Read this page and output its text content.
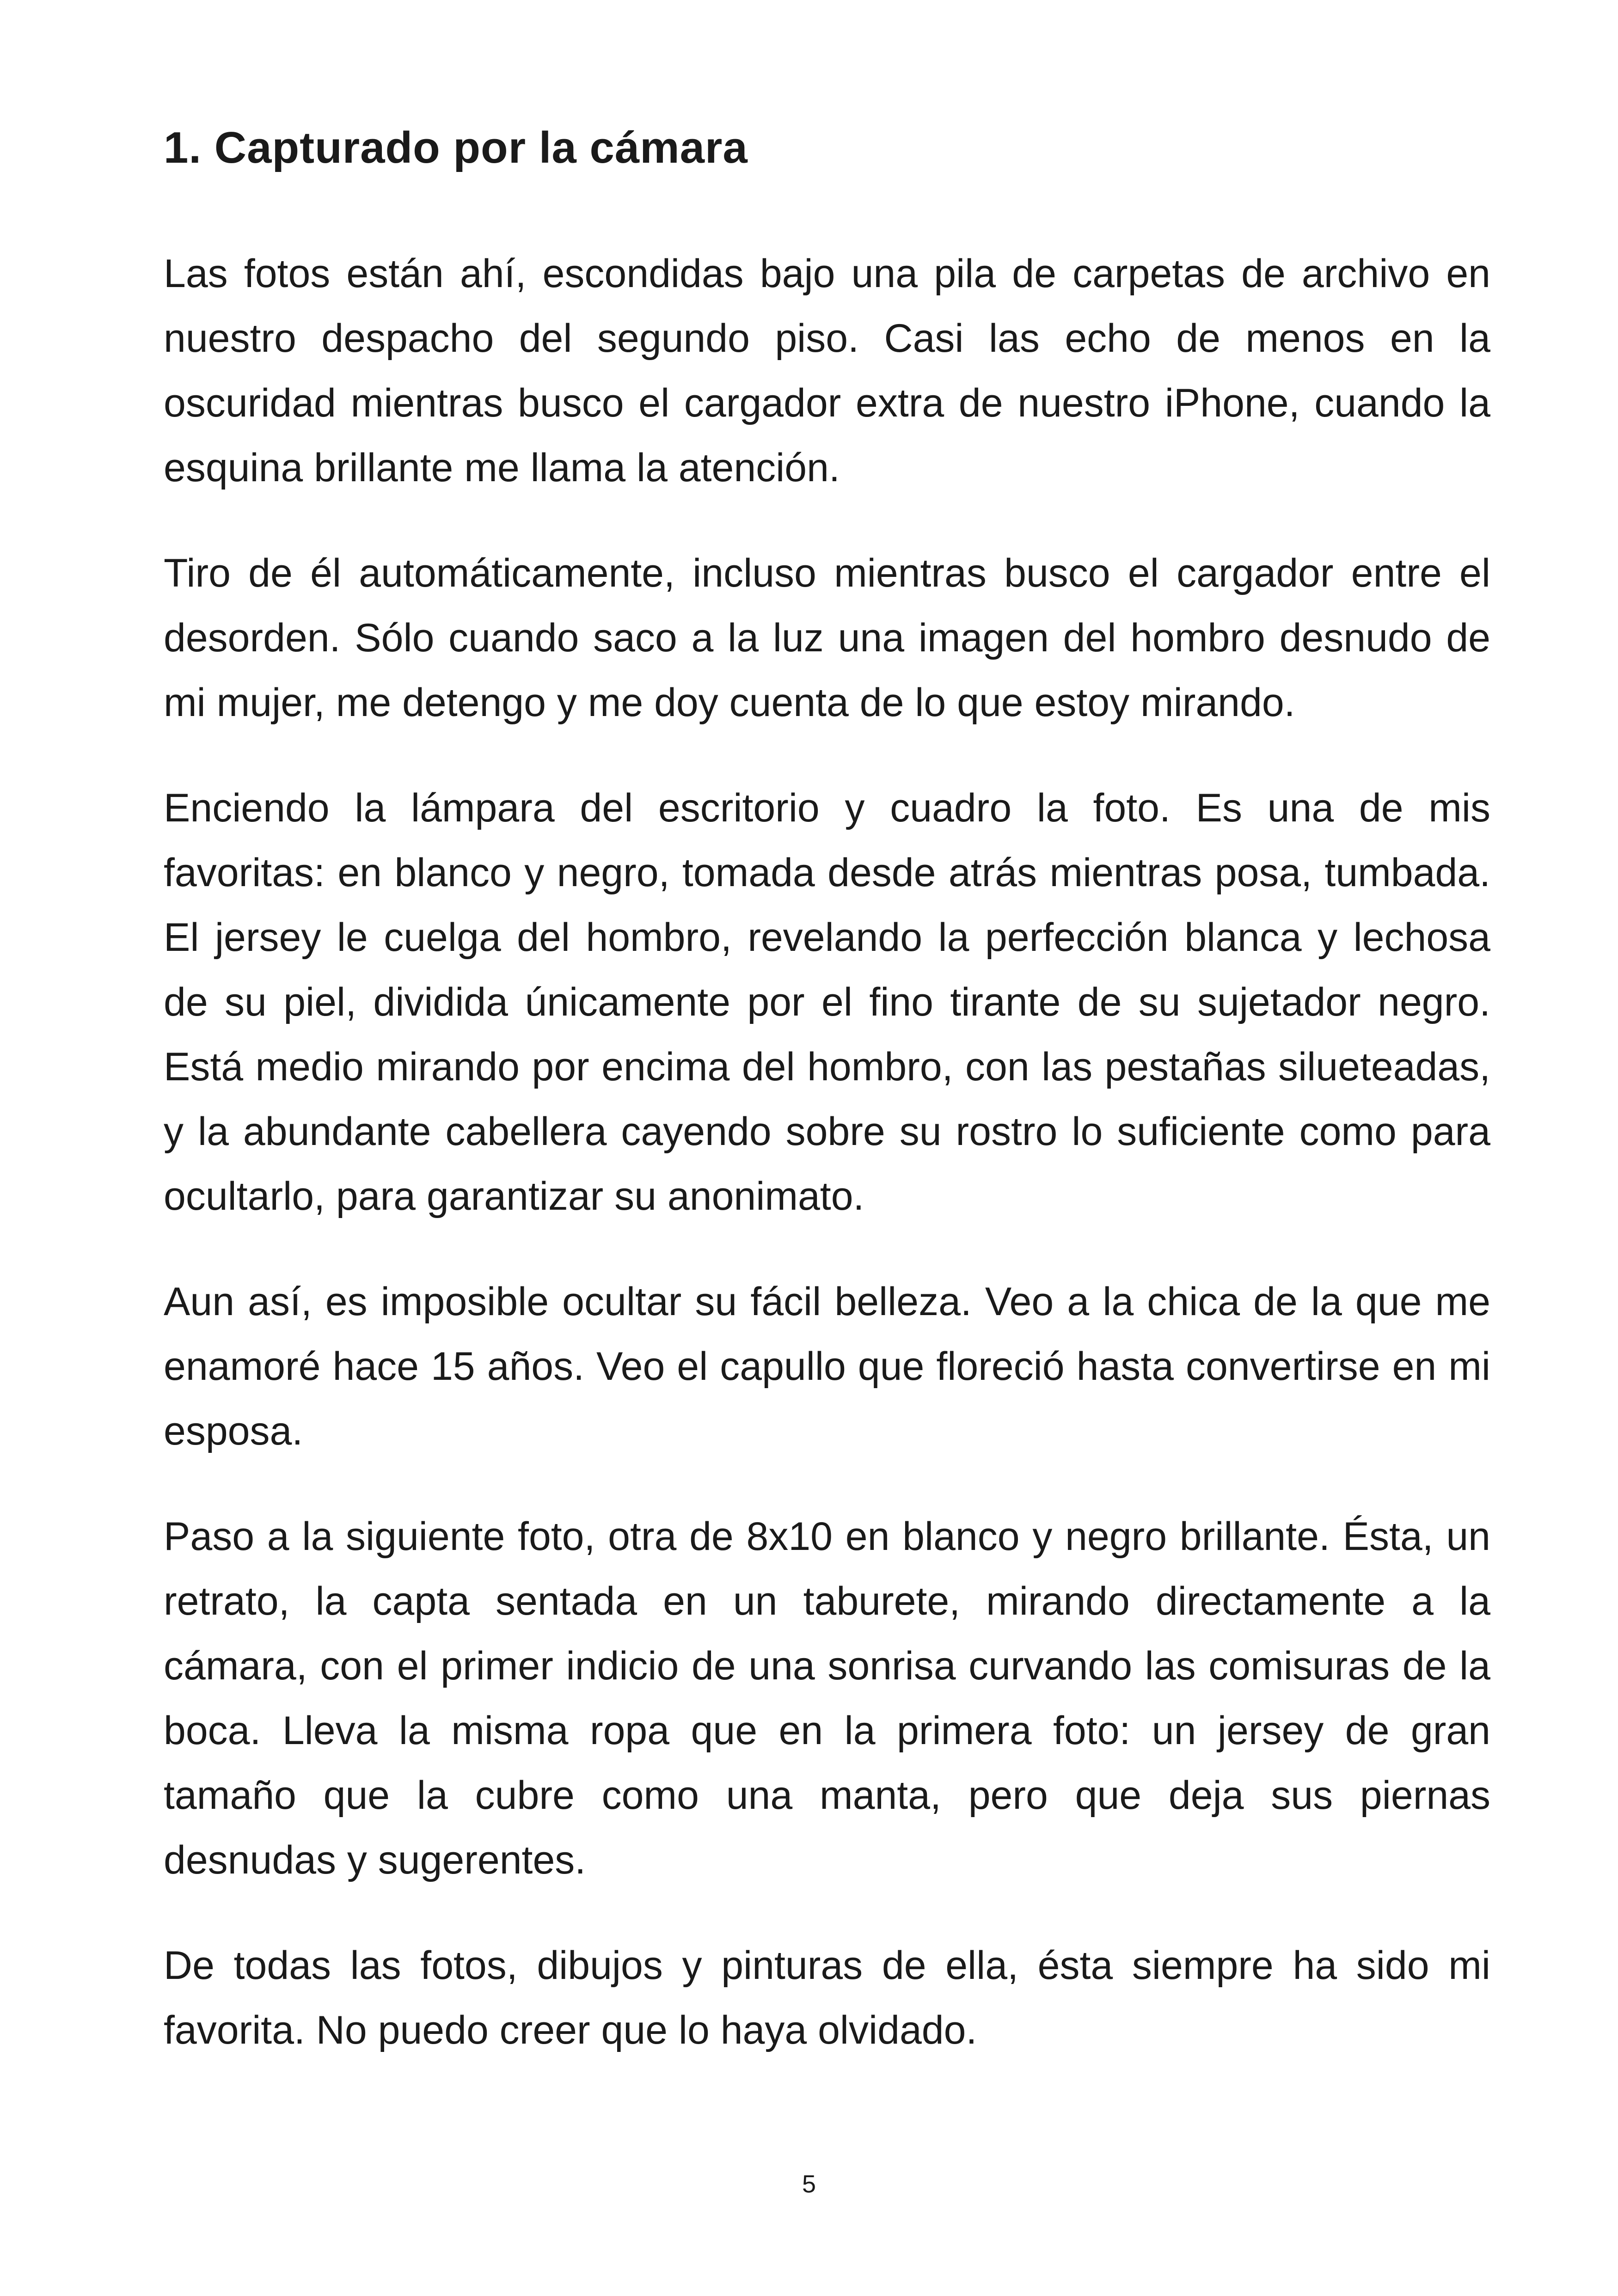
1. Capturado por la cámara

Las fotos están ahí, escondidas bajo una pila de carpetas de archivo en nuestro despacho del segundo piso. Casi las echo de menos en la oscuridad mientras busco el cargador extra de nuestro iPhone, cuando la esquina brillante me llama la atención.

Tiro de él automáticamente, incluso mientras busco el cargador entre el desorden. Sólo cuando saco a la luz una imagen del hombro desnudo de mi mujer, me detengo y me doy cuenta de lo que estoy mirando.

Enciendo la lámpara del escritorio y cuadro la foto. Es una de mis favoritas: en blanco y negro, tomada desde atrás mientras posa, tumbada. El jersey le cuelga del hombro, revelando la perfección blanca y lechosa de su piel, dividida únicamente por el fino tirante de su sujetador negro. Está medio mirando por encima del hombro, con las pestañas silueteadas, y la abundante cabellera cayendo sobre su rostro lo suficiente como para ocultarlo, para garantizar su anonimato.

Aun así, es imposible ocultar su fácil belleza. Veo a la chica de la que me enamoré hace 15 años. Veo el capullo que floreció hasta convertirse en mi esposa.

Paso a la siguiente foto, otra de 8x10 en blanco y negro brillante. Ésta, un retrato, la capta sentada en un taburete, mirando directamente a la cámara, con el primer indicio de una sonrisa curvando las comisuras de la boca. Lleva la misma ropa que en la primera foto: un jersey de gran tamaño que la cubre como una manta, pero que deja sus piernas desnudas y sugerentes.

De todas las fotos, dibujos y pinturas de ella, ésta siempre ha sido mi favorita. No puedo creer que lo haya olvidado.

5
